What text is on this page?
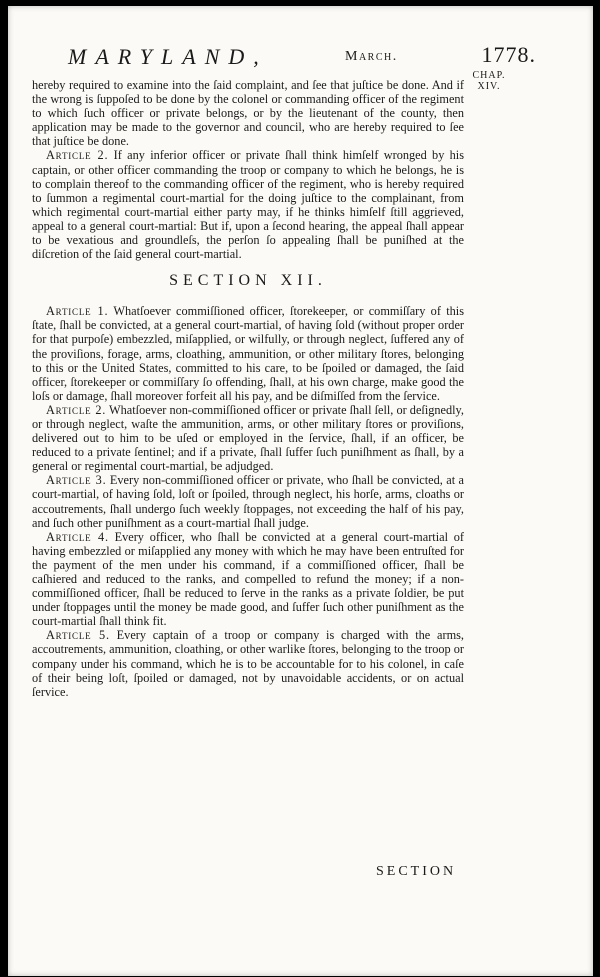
MARYLAND,	March.	1778.
CHAP.
XIV.

hereby required to examine into the ſaid complaint, and ſee that juſtice be done. And if the wrong is ſuppoſed to be done by the colonel or commanding officer of the regiment to which ſuch officer or private belongs, or by the lieutenant of the county, then application may be made to the governor and council, who are hereby required to ſee that juſtice be done.

Article 2. If any inferior officer or private ſhall think himſelf wronged by his captain, or other officer commanding the troop or company to which he belongs, he is to complain thereof to the commanding officer of the regiment, who is hereby required to ſummon a regimental court-martial for the doing juſtice to the complainant, from which regimental court-martial either party may, if he thinks himſelf ſtill aggrieved, appeal to a general court-martial: But if, upon a ſecond hearing, the appeal ſhall appear to be vexatious and groundleſs, the perſon ſo appealing ſhall be puniſhed at the diſcretion of the ſaid general court-martial.

SECTION XII.

Article 1. Whatſoever commiſſioned officer, ſtorekeeper, or commiſſary of this ſtate, ſhall be convicted, at a general court-martial, of having ſold (without proper order for that purpoſe) embezzled, miſapplied, or wilfully, or through neglect, ſuffered any of the proviſions, forage, arms, cloathing, ammunition, or other military ſtores, belonging to this or the United States, committed to his care, to be ſpoiled or damaged, the ſaid officer, ſtorekeeper or commiſſary ſo offending, ſhall, at his own charge, make good the loſs or damage, ſhall moreover forfeit all his pay, and be diſmiſſed from the ſervice.

Article 2. Whatſoever non-commiſſioned officer or private ſhall ſell, or deſignedly, or through neglect, waſte the ammunition, arms, or other military ſtores or proviſions, delivered out to him to be uſed or employed in the ſervice, ſhall, if an officer, be reduced to a private ſentinel; and if a private, ſhall ſuffer ſuch puniſhment as ſhall, by a general or regimental court-martial, be adjudged.

Article 3. Every non-commiſſioned officer or private, who ſhall be convicted, at a court-martial, of having ſold, loſt or ſpoiled, through neglect, his horſe, arms, cloaths or accoutrements, ſhall undergo ſuch weekly ſtoppages, not exceeding the half of his pay, and ſuch other puniſhment as a court-martial ſhall judge.

Article 4. Every officer, who ſhall be convicted at a general court-martial of having embezzled or miſapplied any money with which he may have been entruſted for the payment of the men under his command, if a commiſſioned officer, ſhall be caſhiered and reduced to the ranks, and compelled to refund the money; if a non-commiſſioned officer, ſhall be reduced to ſerve in the ranks as a private ſoldier, be put under ſtoppages until the money be made good, and ſuffer ſuch other puniſhment as the court-martial ſhall think fit.

Article 5. Every captain of a troop or company is charged with the arms, accoutrements, ammunition, cloathing, or other warlike ſtores, belonging to the troop or company under his command, which he is to be accountable for to his colonel, in caſe of their being loſt, ſpoiled or damaged, not by unavoidable accidents, or on actual ſervice.

SECTION
